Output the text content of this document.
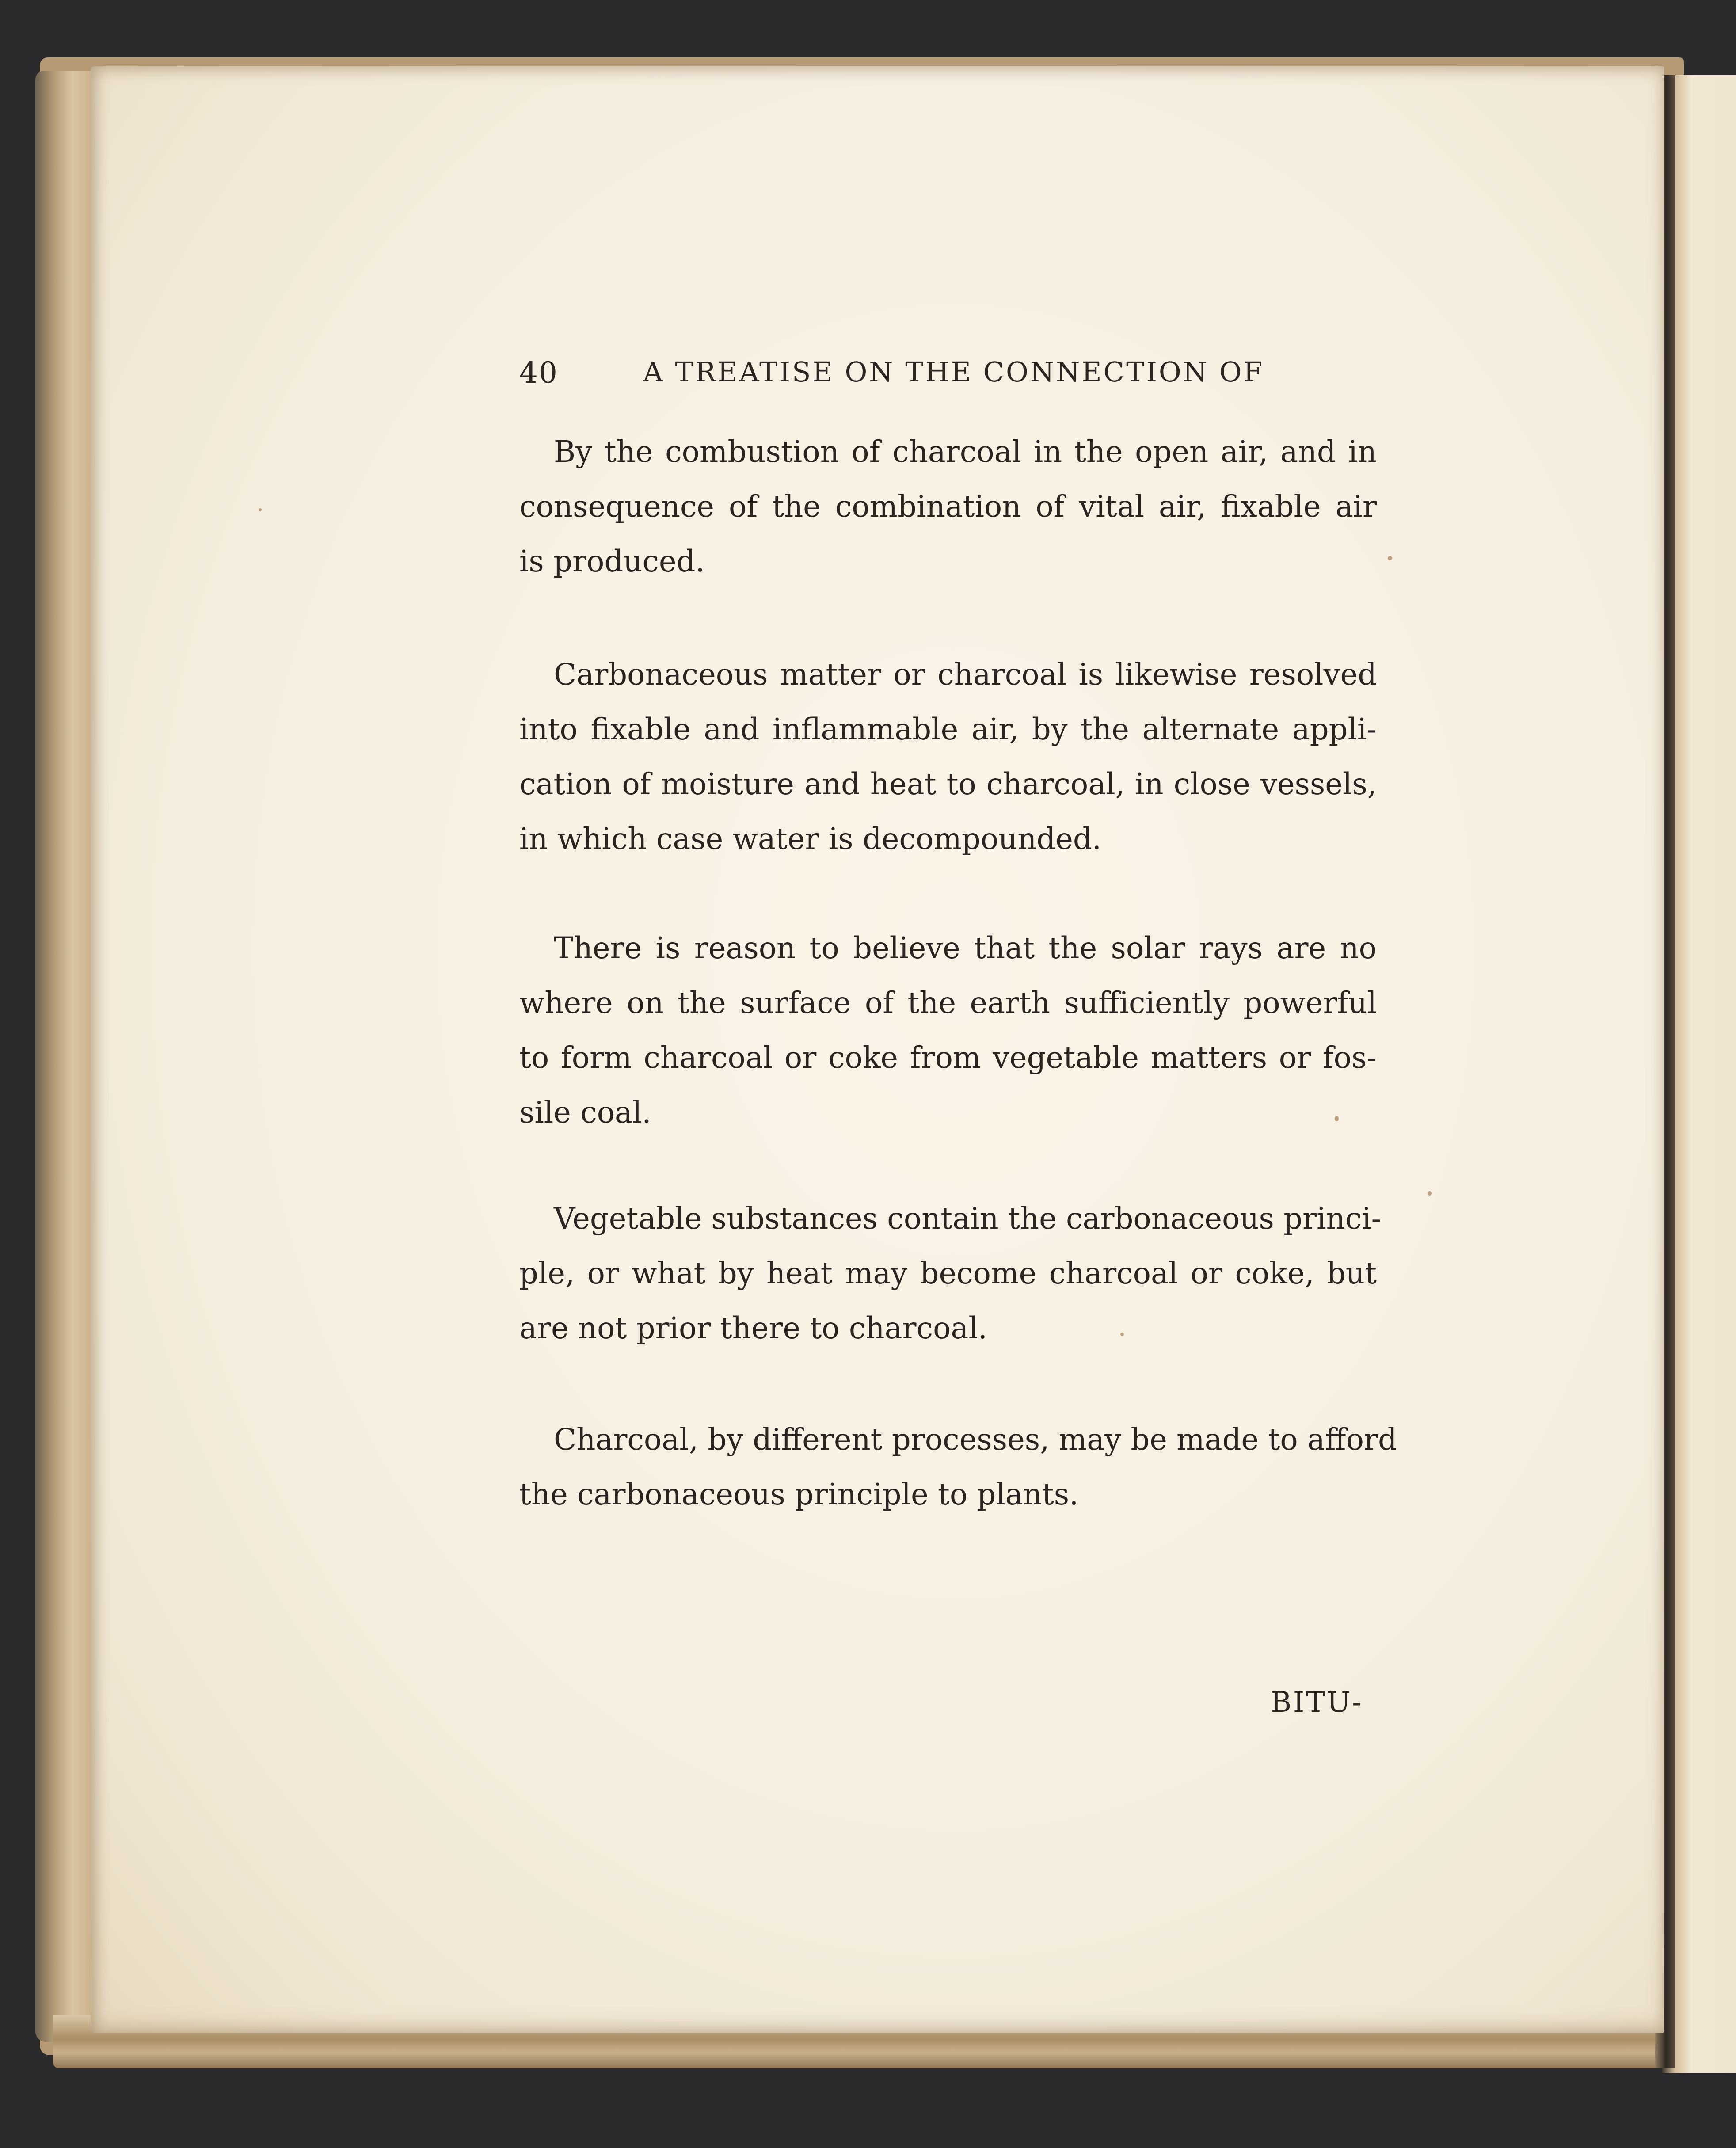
40	A TREATISE ON THE CONNECTION OF
By the combustion of charcoal in the open air, and in
consequence of the combination of vital air, fixable air
is produced.
Carbonaceous matter or charcoal is likewise resolved
into fixable and inflammable air, by the alternate appli-
cation of moisture and heat to charcoal, in close vessels,
in which case water is decompounded.
There is reason to believe that the solar rays are no
where on the surface of the earth sufficiently powerful
to form charcoal or coke from vegetable matters or fos-
sile coal.
Vegetable substances contain the carbonaceous princi-
ple, or what by heat may become charcoal or coke, but
are not prior there to charcoal.
Charcoal, by different processes, may be made to afford
the carbonaceous principle to plants.
BITU-
